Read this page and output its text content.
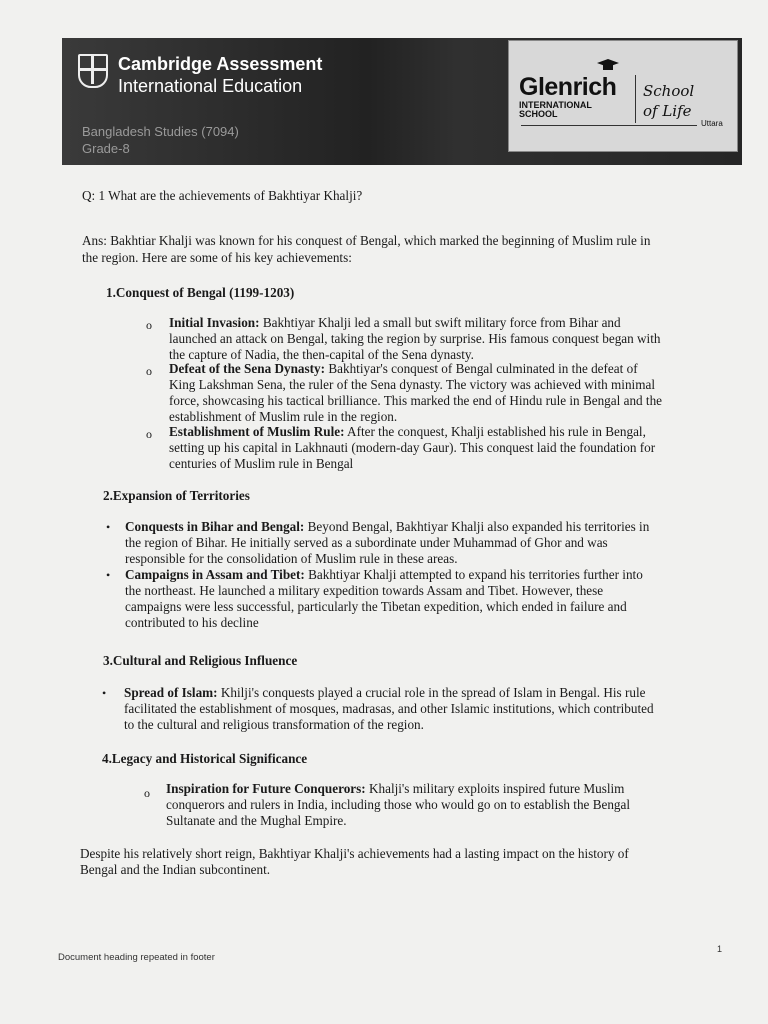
Cambridge Assessment
International Education
Bangladesh Studies (7094)
Grade-8
Glenrich
INTERNATIONAL
SCHOOL
School
of Life
Uttara
Q: 1 What are the achievements of Bakhtiyar Khalji?
Ans: Bakhtiar Khalji was known for his conquest of Bengal, which marked the beginning of Muslim rule in
the region. Here are some of his key achievements:
1.Conquest of Bengal (1199-1203)
o Initial Invasion: Bakhtiyar Khalji led a small but swift military force from Bihar and
launched an attack on Bengal, taking the region by surprise. His famous conquest began with
the capture of Nadia, the then-capital of the Sena dynasty.
o Defeat of the Sena Dynasty: Bakhtiyar's conquest of Bengal culminated in the defeat of
King Lakshman Sena, the ruler of the Sena dynasty. The victory was achieved with minimal
force, showcasing his tactical brilliance. This marked the end of Hindu rule in Bengal and the
establishment of Muslim rule in the region.
o Establishment of Muslim Rule: After the conquest, Khalji established his rule in Bengal,
setting up his capital in Lakhnauti (modern-day Gaur). This conquest laid the foundation for
centuries of Muslim rule in Bengal
2.Expansion of Territories
• Conquests in Bihar and Bengal: Beyond Bengal, Bakhtiyar Khalji also expanded his territories in
the region of Bihar. He initially served as a subordinate under Muhammad of Ghor and was
responsible for the consolidation of Muslim rule in these areas.
• Campaigns in Assam and Tibet: Bakhtiyar Khalji attempted to expand his territories further into
the northeast. He launched a military expedition towards Assam and Tibet. However, these
campaigns were less successful, particularly the Tibetan expedition, which ended in failure and
contributed to his decline
3.Cultural and Religious Influence
• Spread of Islam: Khilji's conquests played a crucial role in the spread of Islam in Bengal. His rule
facilitated the establishment of mosques, madrasas, and other Islamic institutions, which contributed
to the cultural and religious transformation of the region.
4.Legacy and Historical Significance
o Inspiration for Future Conquerors: Khalji's military exploits inspired future Muslim
conquerors and rulers in India, including those who would go on to establish the Bengal
Sultanate and the Mughal Empire.
Despite his relatively short reign, Bakhtiyar Khalji's achievements had a lasting impact on the history of
Bengal and the Indian subcontinent.
Document heading repeated in footer
1
